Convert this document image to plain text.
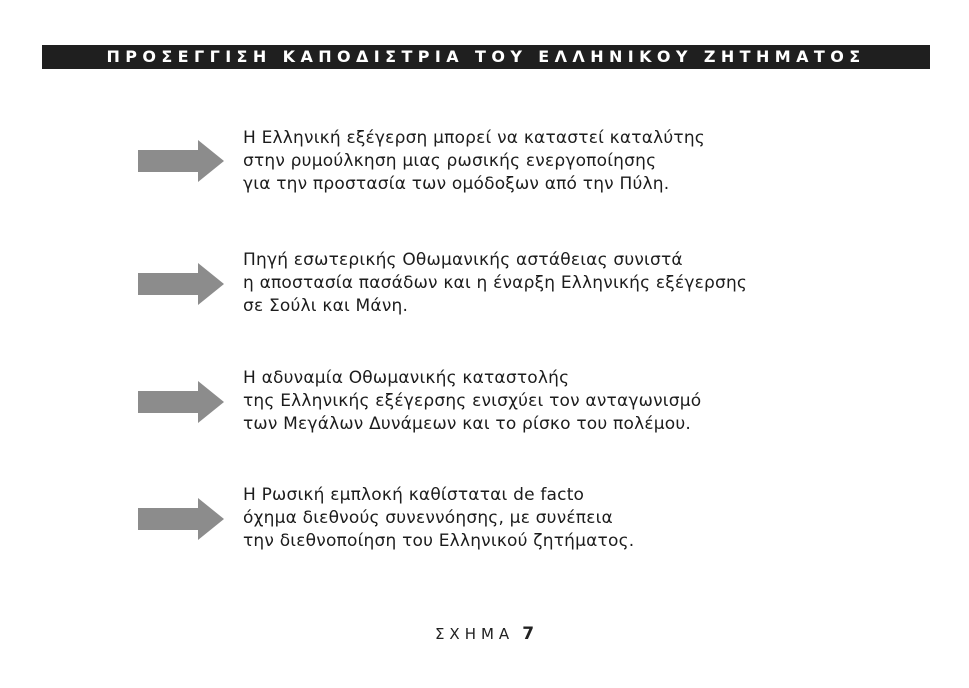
ΠΡΟΣΕΓΓΙΣΗ ΚΑΠΟΔΙΣΤΡΙΑ ΤΟΥ ΕΛΛΗΝΙΚΟΥ ΖΗΤΗΜΑΤΟΣ
Η Ελληνική εξέγερση μπορεί να καταστεί καταλύτης
στην ρυμούλκηση μιας ρωσικής ενεργοποίησης
για την προστασία των ομόδοξων από την Πύλη.
Πηγή εσωτερικής Οθωμανικής αστάθειας συνιστά
η αποστασία πασάδων και η έναρξη Ελληνικής εξέγερσης
σε Σούλι και Μάνη.
Η αδυναμία Οθωμανικής καταστολής
της Ελληνικής εξέγερσης ενισχύει τον ανταγωνισμό
των Μεγάλων Δυνάμεων και το ρίσκο του πολέμου.
Η Ρωσική εμπλοκή καθίσταται de facto
όχημα διεθνούς συνεννόησης, με συνέπεια
την διεθνοποίηση του Ελληνικού ζητήματος.
ΣΧΗΜΑ 7
